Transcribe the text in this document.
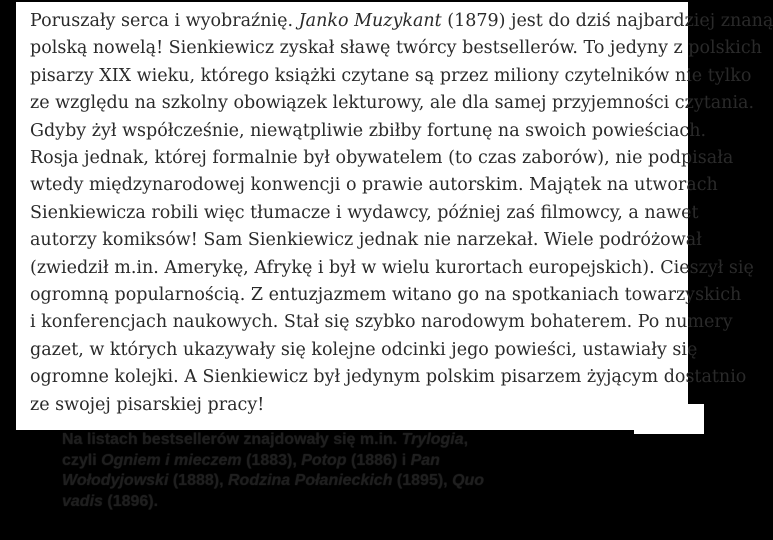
Poruszały serca i wyobraźnię. Janko Muzykant (1879) jest do dziś najbardziej znaną
polską nowelą! Sienkiewicz zyskał sławę twórcy bestsellerów. To jedyny z polskich
pisarzy XIX wieku, którego książki czytane są przez miliony czytelników nie tylko
ze względu na szkolny obowiązek lekturowy, ale dla samej przyjemności czytania.
Gdyby żył współcześnie, niewątpliwie zbiłby fortunę na swoich powieściach.
Rosja jednak, której formalnie był obywatelem (to czas zaborów), nie podpisała
wtedy międzynarodowej konwencji o prawie autorskim. Majątek na utworach
Sienkiewicza robili więc tłumacze i wydawcy, później zaś filmowcy, a nawet
autorzy komiksów! Sam Sienkiewicz jednak nie narzekał. Wiele podróżował
(zwiedził m.in. Amerykę, Afrykę i był w wielu kurortach europejskich). Cieszył się
ogromną popularnością. Z entuzjazmem witano go na spotkaniach towarzyskich
i konferencjach naukowych. Stał się szybko narodowym bohaterem. Po numery
gazet, w których ukazywały się kolejne odcinki jego powieści, ustawiały się
ogromne kolejki. A Sienkiewicz był jedynym polskim pisarzem żyjącym dostatnio
ze swojej pisarskiej pracy!
Na listach bestsellerów znajdowały się m.in. Trylogia,
czyli Ogniem i mieczem (1883), Potop (1886) i Pan
Wołodyjowski (1888), Rodzina Połanieckich (1895), Quo
vadis (1896).
